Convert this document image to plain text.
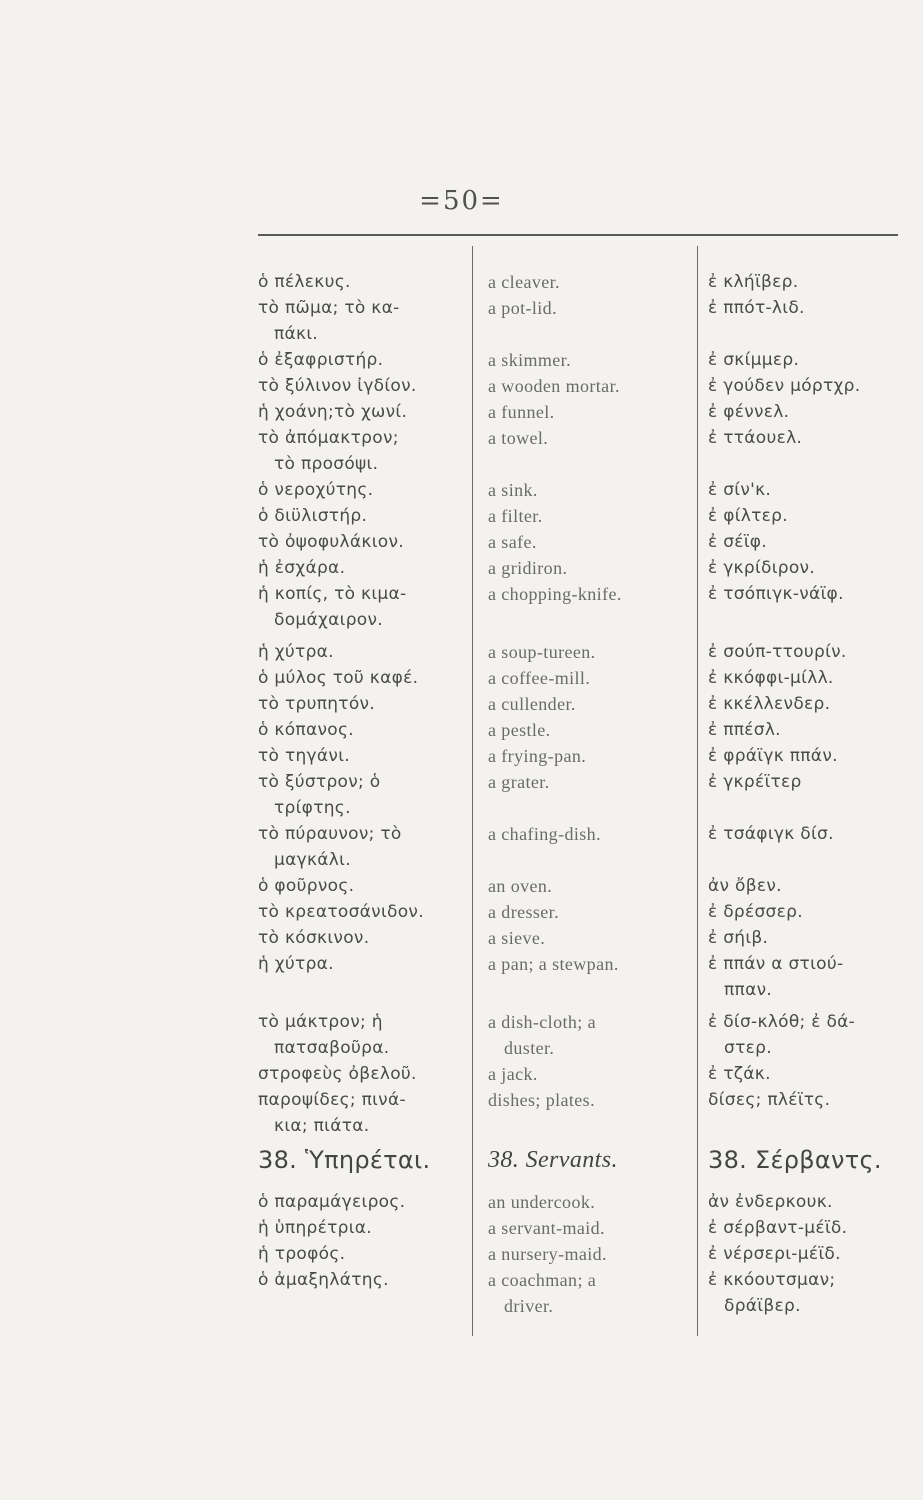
=50=
ὁ πέλεκυς.
τὸ πῶμα; τὸ κα-
πάκι.
ὁ ἐξαφριστήρ.
τὸ ξύλινον ἰγδίον.
ἡ χοάνη;τὸ χωνί.
τὸ ἀπόμακτρον;
τὸ προσόψι.
ὁ νεροχύτης.
ὁ διϋλιστήρ.
τὸ ὀψοφυλάκιον.
ἡ ἐσχάρα.
ἡ κοπίς, τὸ κιμα-
δομάχαιρον.
ἡ χύτρα.
ὁ μύλος τοῦ καφέ.
τὸ τρυπητόν.
ὁ κόπανος.
τὸ τηγάνι.
τὸ ξύστρον; ὁ
τρίφτης.
τὸ πύραυνον; τὸ
μαγκάλι.
ὁ φοῦρνος.
τὸ κρεατοσάνιδον.
τὸ κόσκινον.
ἡ χύτρα.
τὸ μάκτρον; ἡ
πατσαβοῦρα.
στροφεὺς ὀβελοῦ.
παροψίδες; πινά-
κια; πιάτα.
38. Ὑπηρέται.
ὁ παραμάγειρος.
ἡ ὑπηρέτρια.
ἡ τροφός.
ὁ ἀμαξηλάτης.
a cleaver.
a pot-lid.
a skimmer.
a wooden mortar.
a funnel.
a towel.
a sink.
a filter.
a safe.
a gridiron.
a chopping-knife.
a soup-tureen.
a coffee-mill.
a cullender.
a pestle.
a frying-pan.
a grater.
a chafing-dish.
an oven.
a dresser.
a sieve.
a pan; a stewpan.
a dish-cloth; a
duster.
a jack.
dishes; plates.
38. Servants.
an undercook.
a servant-maid.
a nursery-maid.
a coachman; a
driver.
ἐ κλήϊβερ.
ἐ ππότ-λιδ.
ἐ σκίμμερ.
ἐ γούδεν μόρτχρ.
ἐ φέννελ.
ἐ ττάουελ.
ἐ σίν'κ.
ἐ φίλτερ.
ἐ σέϊφ.
ἐ γκρίδιρον.
ἐ τσόπιγκ-νάϊφ.
ἐ σούπ-ττουρίν.
ἐ κκόφφι-μίλλ.
ἐ κκέλλενδερ.
ἐ ππέσλ.
ἐ φράϊγκ ππάν.
ἐ γκρέϊτερ
ἐ τσάφιγκ δίσ.
ἀν ὄβεν.
ἐ δρέσσερ.
ἐ σήιβ.
ἐ ππάν α στιού-
ππαν.
ἐ δίσ-κλόθ; ἐ δά-
στερ.
ἐ τζάκ.
δίσες; πλέϊτς.
38. Σέρβαντς.
ἀν ἐνδερκουκ.
ἐ σέρβαντ-μέϊδ.
ἐ νέρσερι-μέϊδ.
ἐ κκόουτσμαν;
δράϊβερ.
